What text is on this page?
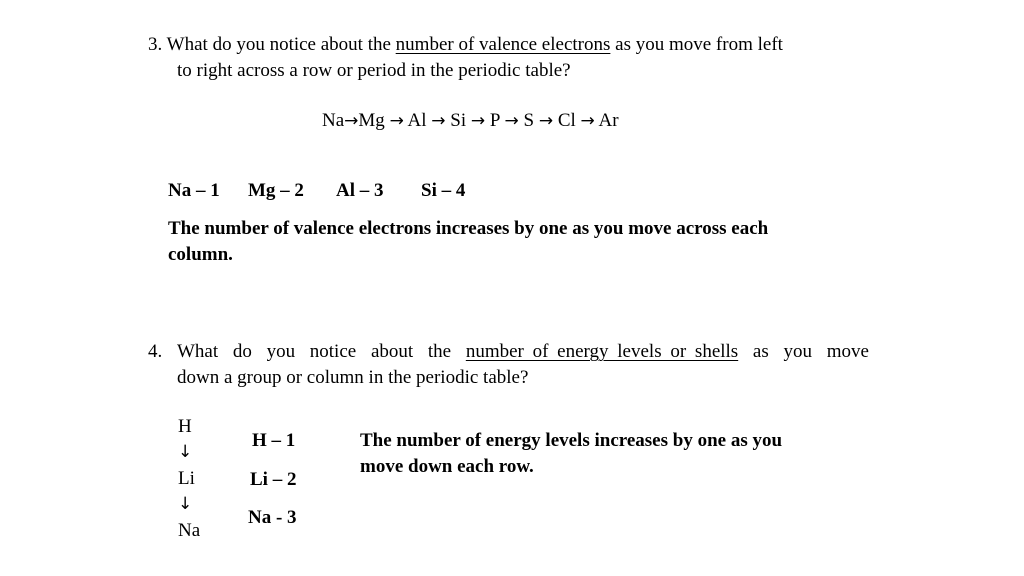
3. What do you notice about the number of valence electrons as you move from left
to right across a row or period in the periodic table?
Na→Mg → Al → Si → P → S → Cl → Ar
Na – 1 Mg – 2 Al – 3 Si – 4
The number of valence electrons increases by one as you move across each
column.
4. What do you notice about the number of energy levels or shells as you move
down a group or column in the periodic table?
H
↓
Li
↓
Na
H – 1
Li – 2
Na - 3
The number of energy levels increases by one as you
move down each row.
